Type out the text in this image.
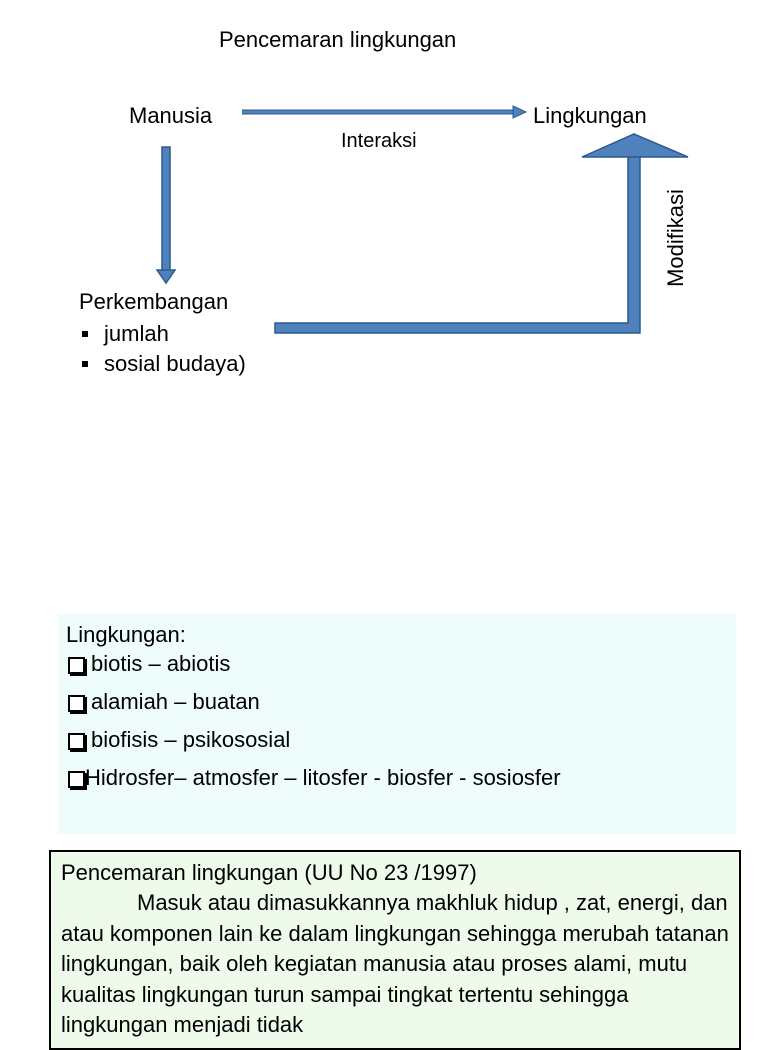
Pencemaran lingkungan
Manusia	Lingkungan
Interaksi
Modifikasi
Perkembangan
jumlah
sosial budaya)
Lingkungan:
biotis – abiotis
alamiah – buatan
biofisis – psikososial
Hidrosfer– atmosfer – litosfer - biosfer - sosiosfer
Pencemaran lingkungan (UU No 23 /1997)

Masuk atau dimasukkannya makhluk hidup , zat, energi, dan atau komponen lain ke dalam lingkungan sehingga merubah tatanan lingkungan, baik oleh kegiatan manusia atau proses alami, mutu kualitas lingkungan turun sampai tingkat tertentu sehingga lingkungan menjadi tidak
